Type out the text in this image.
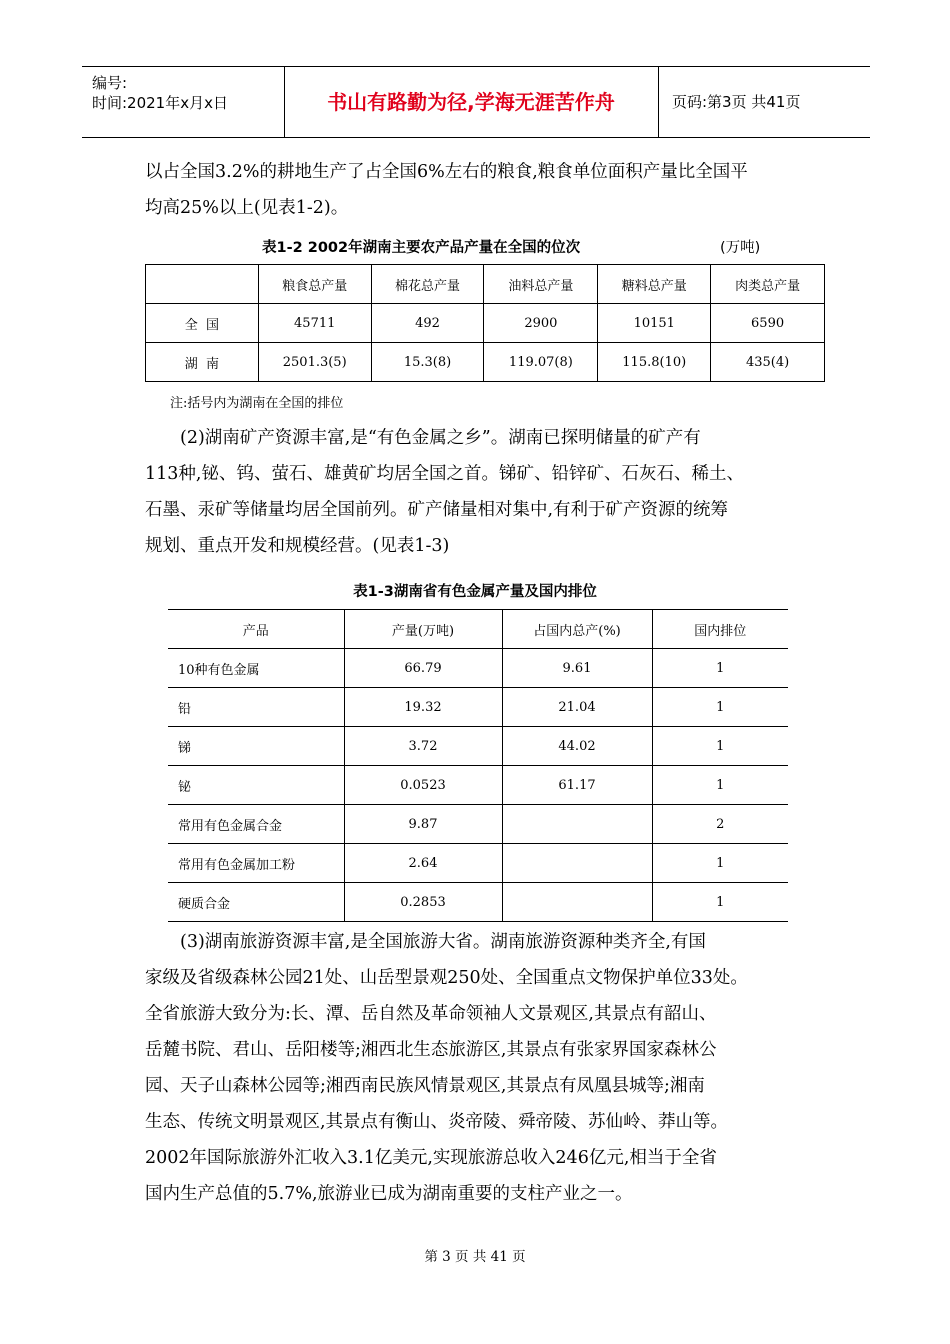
编号:
时间:2021年x月x日	书山有路勤为径,学海无涯苦作舟	页码:第3页 共41页

以占全国3.2%的耕地生产了占全国6%左右的粮食,粮食单位面积产量比全国平
均高25%以上(见表1-2)。

表1-2 2002年湖南主要农产品产量在全国的位次	(万吨)
	粮食总产量	棉花总产量	油料总产量	糖料总产量	肉类总产量
全  国	45711	492	2900	10151	6590
湖  南	2501.3(5)	15.3(8)	119.07(8)	115.8(10)	435(4)
注:括号内为湖南在全国的排位

(2)湖南矿产资源丰富,是“有色金属之乡”。湖南已探明储量的矿产有
113种,铋、钨、萤石、雄黄矿均居全国之首。锑矿、铅锌矿、石灰石、稀土、
石墨、汞矿等储量均居全国前列。矿产储量相对集中,有利于矿产资源的统筹
规划、重点开发和规模经营。(见表1-3)

表1-3湖南省有色金属产量及国内排位
产品	产量(万吨)	占国内总产(%)	国内排位
10种有色金属	66.79	9.61	1
铅	19.32	21.04	1
锑	3.72	44.02	1
铋	0.0523	61.17	1
常用有色金属合金	9.87		2
常用有色金属加工粉	2.64		1
硬质合金	0.2853		1

(3)湖南旅游资源丰富,是全国旅游大省。湖南旅游资源种类齐全,有国
家级及省级森林公园21处、山岳型景观250处、全国重点文物保护单位33处。
全省旅游大致分为:长、潭、岳自然及革命领袖人文景观区,其景点有韶山、
岳麓书院、君山、岳阳楼等;湘西北生态旅游区,其景点有张家界国家森林公
园、天子山森林公园等;湘西南民族风情景观区,其景点有凤凰县城等;湘南
生态、传统文明景观区,其景点有衡山、炎帝陵、舜帝陵、苏仙岭、莽山等。
2002年国际旅游外汇收入3.1亿美元,实现旅游总收入246亿元,相当于全省
国内生产总值的5.7%,旅游业已成为湖南重要的支柱产业之一。

第 3 页 共 41 页
